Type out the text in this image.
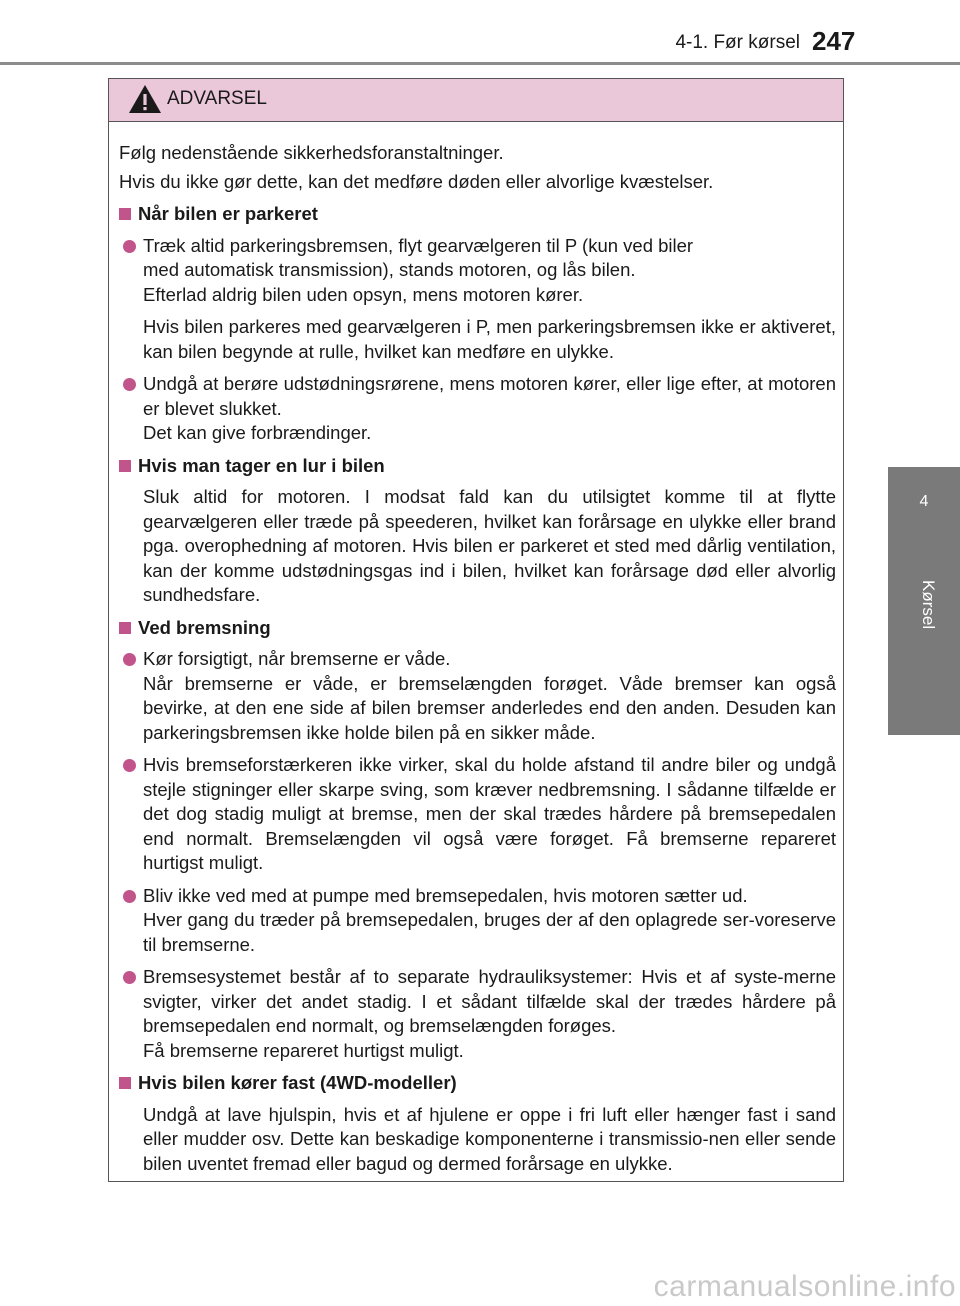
4-1. Før kørsel 247
4
Kørsel
ADVARSEL
Følg nedenstående sikkerhedsforanstaltninger.
Hvis du ikke gør dette, kan det medføre døden eller alvorlige kvæstelser.
Når bilen er parkeret
Træk altid parkeringsbremsen, flyt gearvælgeren til P (kun ved biler
med automatisk transmission), stands motoren, og lås bilen.
Efterlad aldrig bilen uden opsyn, mens motoren kører.
Hvis bilen parkeres med gearvælgeren i P, men parkeringsbremsen ikke er aktiveret, kan bilen begynde at rulle, hvilket kan medføre en ulykke.
Undgå at berøre udstødningsrørene, mens motoren kører, eller lige efter, at motoren er blevet slukket.
Det kan give forbrændinger.
Hvis man tager en lur i bilen
Sluk altid for motoren. I modsat fald kan du utilsigtet komme til at flytte gearvælgeren eller træde på speederen, hvilket kan forårsage en ulykke eller brand pga. overophedning af motoren. Hvis bilen er parkeret et sted med dårlig ventilation, kan der komme udstødningsgas ind i bilen, hvilket kan forårsage død eller alvorlig sundhedsfare.
Ved bremsning
Kør forsigtigt, når bremserne er våde.
Når bremserne er våde, er bremselængden forøget. Våde bremser kan også bevirke, at den ene side af bilen bremser anderledes end den anden. Desuden kan parkeringsbremsen ikke holde bilen på en sikker måde.
Hvis bremseforstærkeren ikke virker, skal du holde afstand til andre biler og undgå stejle stigninger eller skarpe sving, som kræver nedbremsning. I sådanne tilfælde er det dog stadig muligt at bremse, men der skal trædes hårdere på bremsepedalen end normalt. Bremselængden vil også være forøget. Få bremserne repareret hurtigst muligt.
Bliv ikke ved med at pumpe med bremsepedalen, hvis motoren sætter ud.
Hver gang du træder på bremsepedalen, bruges der af den oplagrede ser-voreserve til bremserne.
Bremsesystemet består af to separate hydrauliksystemer: Hvis et af syste-merne svigter, virker det andet stadig. I et sådant tilfælde skal der trædes hårdere på bremsepedalen end normalt, og bremselængden forøges.
Få bremserne repareret hurtigst muligt.
Hvis bilen kører fast (4WD-modeller)
Undgå at lave hjulspin, hvis et af hjulene er oppe i fri luft eller hænger fast i sand eller mudder osv. Dette kan beskadige komponenterne i transmissio-nen eller sende bilen uventet fremad eller bagud og dermed forårsage en ulykke.
carmanualsonline.info
